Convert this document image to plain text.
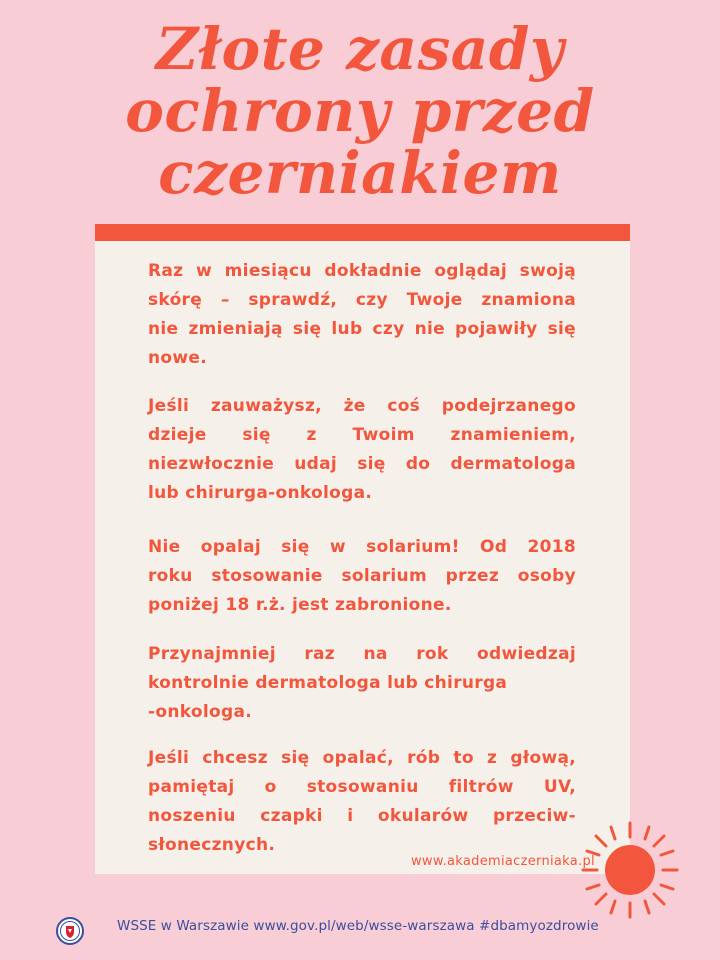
Złote zasady
ochrony przed
czerniakiem
Raz w miesiącu dokładnie oglądaj swoją
skórę – sprawdź, czy Twoje znamiona
nie zmieniają się lub czy nie pojawiły się
nowe.
Jeśli zauważysz, że coś podejrzanego
dzieje się z Twoim znamieniem,
niezwłocznie udaj się do dermatologa
lub chirurga-onkologa.
Nie opalaj się w solarium! Od 2018
roku stosowanie solarium przez osoby
poniżej 18 r.ż. jest zabronione.
Przynajmniej raz na rok odwiedzaj
kontrolnie dermatologa lub chirurga
-onkologa.
Jeśli chcesz się opalać, rób to z głową,
pamiętaj o stosowaniu filtrów UV,
noszeniu czapki i okularów przeciw-
słonecznych.
www.akademiaczerniaka.pl
WSSE w Warszawie www.gov.pl/web/wsse-warszawa #dbamyozdrowie
